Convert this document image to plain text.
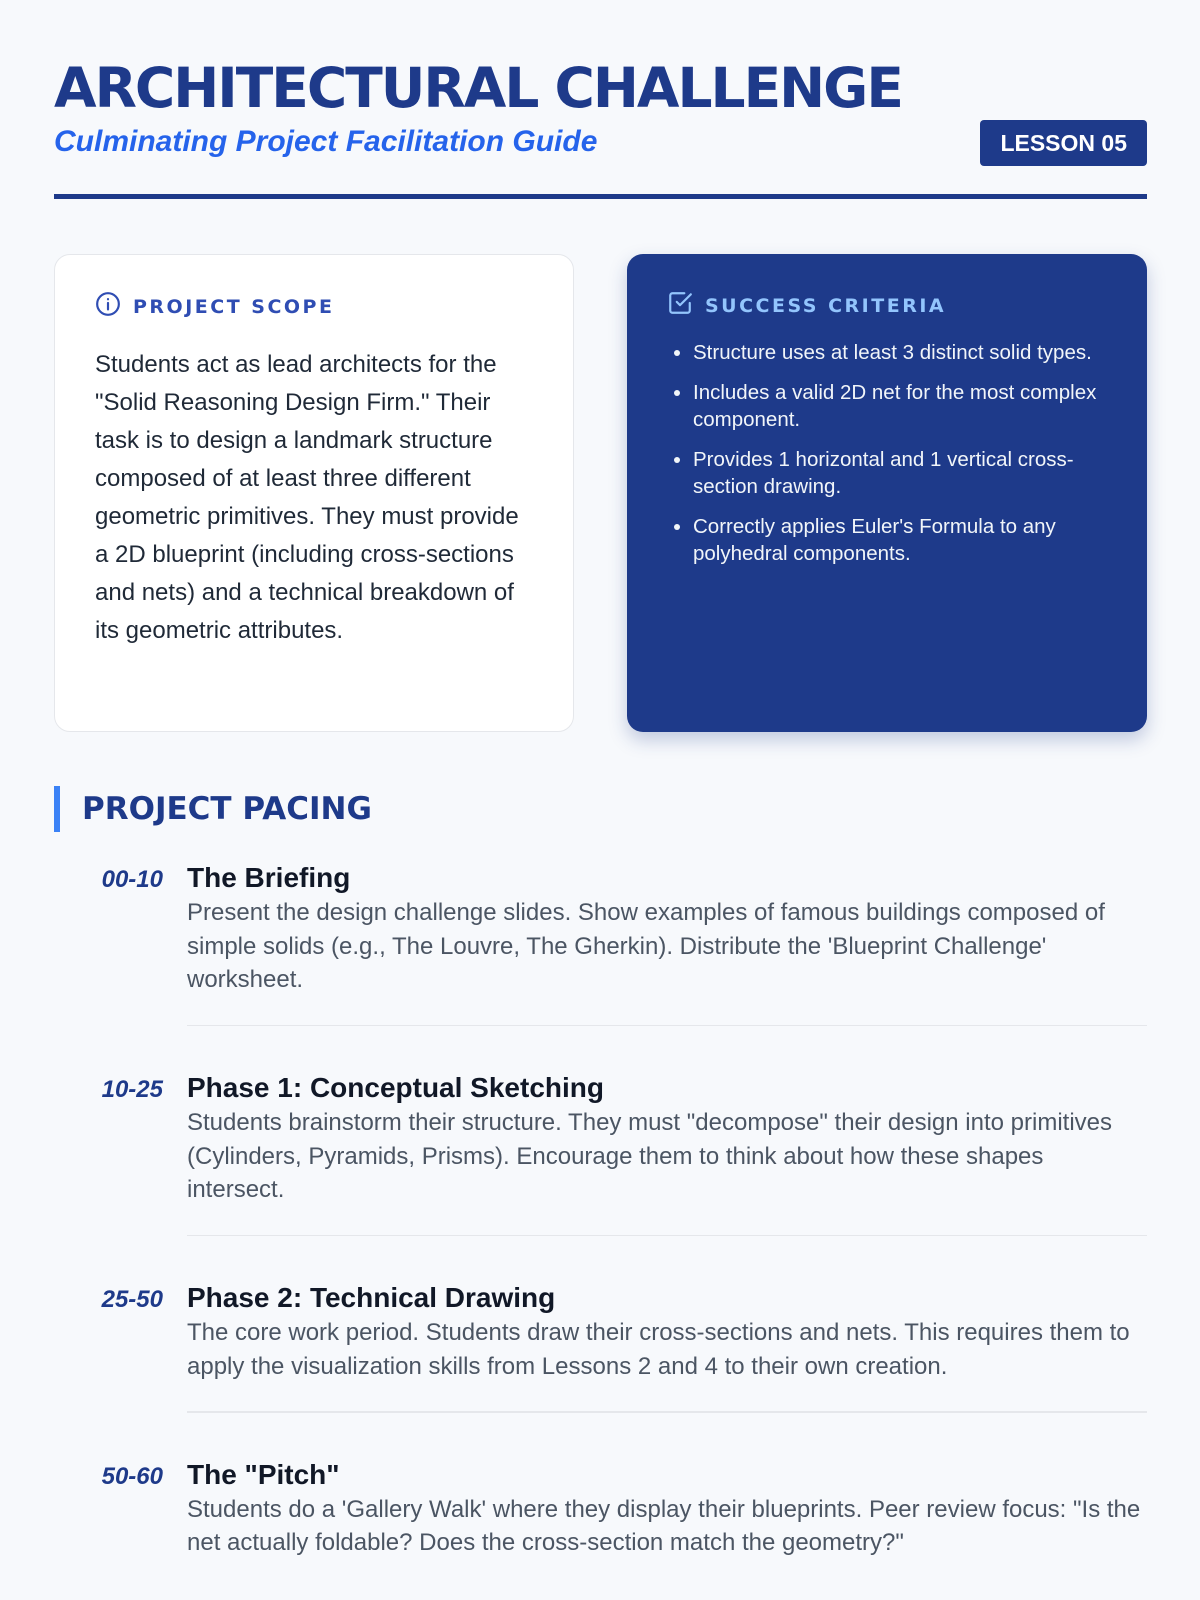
ARCHITECTURAL CHALLENGE
Culminating Project Facilitation Guide	LESSON 05
PROJECT SCOPE

Students act as lead architects for the "Solid Reasoning Design Firm." Their task is to design a landmark structure composed of at least three different geometric primitives. They must provide a 2D blueprint (including cross-sections and nets) and a technical breakdown of its geometric attributes.

SUCCESS CRITERIA
• Structure uses at least 3 distinct solid types.
• Includes a valid 2D net for the most complex component.
• Provides 1 horizontal and 1 vertical cross-section drawing.
• Correctly applies Euler's Formula to any polyhedral components.
PROJECT PACING
00-10 The Briefing
Present the design challenge slides. Show examples of famous buildings composed of simple solids (e.g., The Louvre, The Gherkin). Distribute the 'Blueprint Challenge' worksheet.
10-25 Phase 1: Conceptual Sketching
Students brainstorm their structure. They must "decompose" their design into primitives (Cylinders, Pyramids, Prisms). Encourage them to think about how these shapes intersect.
25-50 Phase 2: Technical Drawing
The core work period. Students draw their cross-sections and nets. This requires them to apply the visualization skills from Lessons 2 and 4 to their own creation.
50-60 The "Pitch"
Students do a 'Gallery Walk' where they display their blueprints. Peer review focus: "Is the net actually foldable? Does the cross-section match the geometry?"
